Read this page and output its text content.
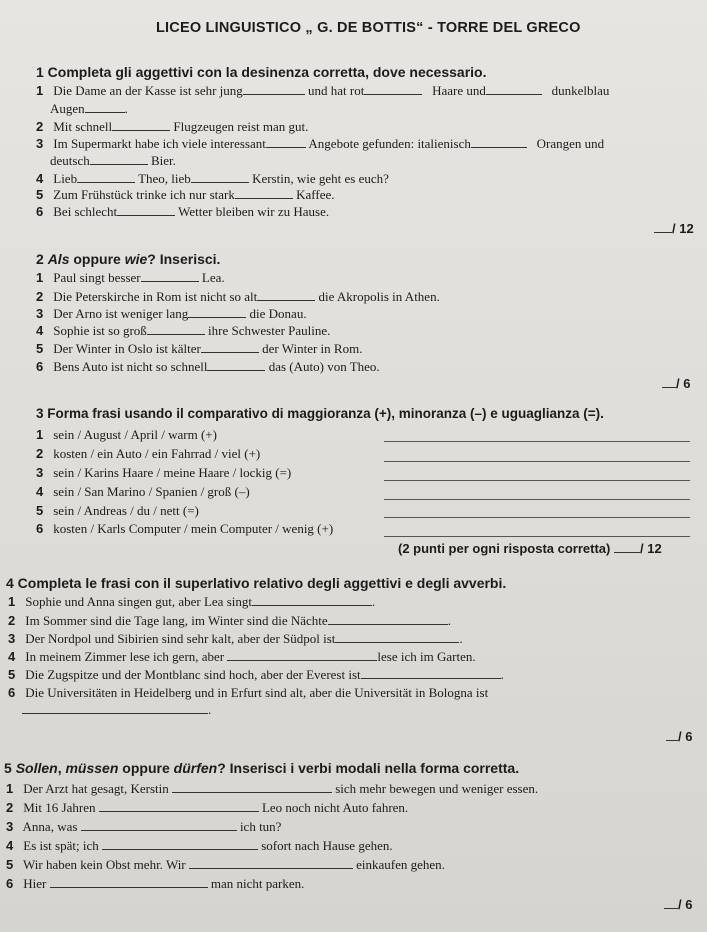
LICEO LINGUISTICO „ G. DE BOTTIS“ - TORRE DEL GRECO
1 Completa gli aggettivi con la desinenza corretta, dove necessario.
1 Die Dame an der Kasse ist sehr jung	und hat rot	Haare und	dunkelblau
Augen	.
2 Mit schnell	Flugzeugen reist man gut.
3 Im Supermarkt habe ich viele interessant	Angebote gefunden: italienisch	Orangen und
deutsch	Bier.
4 Lieb	Theo, lieb	Kerstin, wie geht es euch?
5 Zum Frühstück trinke ich nur stark	Kaffee.
6 Bei schlecht	Wetter bleiben wir zu Hause.
/ 12
2 Als oppure wie? Inserisci.
1 Paul singt besser	Lea.
2 Die Peterskirche in Rom ist nicht so alt	die Akropolis in Athen.
3 Der Arno ist weniger lang	die Donau.
4 Sophie ist so groß	ihre Schwester Pauline.
5 Der Winter in Oslo ist kälter	der Winter in Rom.
6 Bens Auto ist nicht so schnell	das (Auto) von Theo.
/ 6
3 Forma frasi usando il comparativo di maggioranza (+), minoranza (–) e uguaglianza (=).
1 sein / August / April / warm (+)
2 kosten / ein Auto / ein Fahrrad / viel (+)
3 sein / Karins Haare / meine Haare / lockig (=)
4 sein / San Marino / Spanien / groß (–)
5 sein / Andreas / du / nett (=)
6 kosten / Karls Computer / mein Computer / wenig (+)
(2 punti per ogni risposta corretta) / 12
4 Completa le frasi con il superlativo relativo degli aggettivi e degli avverbi.
1 Sophie und Anna singen gut, aber Lea singt	.
2 Im Sommer sind die Tage lang, im Winter sind die Nächte	.
3 Der Nordpol und Sibirien sind sehr kalt, aber der Südpol ist	.
4 In meinem Zimmer lese ich gern, aber	lese ich im Garten.
5 Die Zugspitze und der Montblanc sind hoch, aber der Everest ist	.
6 Die Universitäten in Heidelberg und in Erfurt sind alt, aber die Universität in Bologna ist
.
/ 6
5 Sollen, müssen oppure dürfen? Inserisci i verbi modali nella forma corretta.
1 Der Arzt hat gesagt, Kerstin	sich mehr bewegen und weniger essen.
2 Mit 16 Jahren	Leo noch nicht Auto fahren.
3 Anna, was	ich tun?
4 Es ist spät; ich	sofort nach Hause gehen.
5 Wir haben kein Obst mehr. Wir	einkaufen gehen.
6 Hier	man nicht parken.
/ 6
